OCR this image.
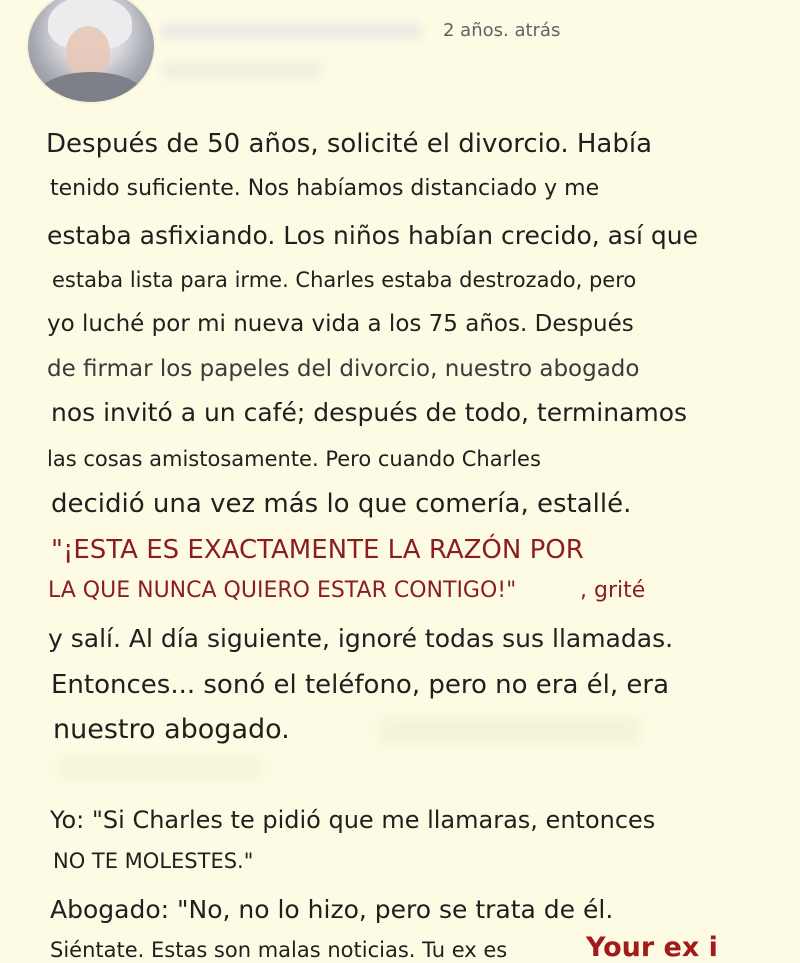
2 años. atrás
Después de 50 años, solicité el divorcio. Había
tenido suficiente. Nos habíamos distanciado y me
estaba asfixiando. Los niños habían crecido, así que
estaba lista para irme. Charles estaba destrozado, pero
yo luché por mi nueva vida a los 75 años. Después
de firmar los papeles del divorcio, nuestro abogado
nos invitó a un café; después de todo, terminamos
las cosas amistosamente. Pero cuando Charles
decidió una vez más lo que comería, estallé.
"¡ESTA ES EXACTAMENTE LA RAZÓN POR
LA QUE NUNCA QUIERO ESTAR CONTIGO!"	, grité
y salí. Al día siguiente, ignoré todas sus llamadas.
Entonces... sonó el teléfono, pero no era él, era
nuestro abogado.
Yo: "Si Charles te pidió que me llamaras, entonces
NO TE MOLESTES."
Abogado: "No, no lo hizo, pero se trata de él.
Siéntate. Estas son malas noticias. Tu ex es	Your ex i
